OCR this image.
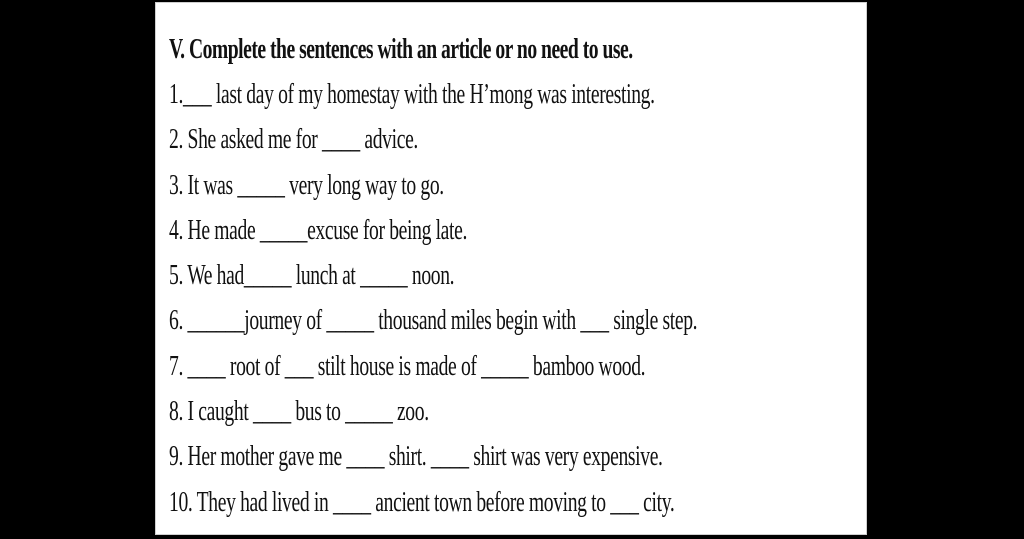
V. Complete the sentences with an article or no need to use.
1.___ last day of my homestay with the H’mong was interesting.
2. She asked me for ____ advice.
3. It was _____ very long way to go.
4. He made _____excuse for being late.
5. We had_____ lunch at _____ noon.
6. ______journey of _____ thousand miles begin with ___ single step.
7. ____ root of ___ stilt house is made of _____ bamboo wood.
8. I caught ____ bus to _____ zoo.
9. Her mother gave me ____ shirt. ____ shirt was very expensive.
10. They had lived in ____ ancient town before moving to ___ city.
